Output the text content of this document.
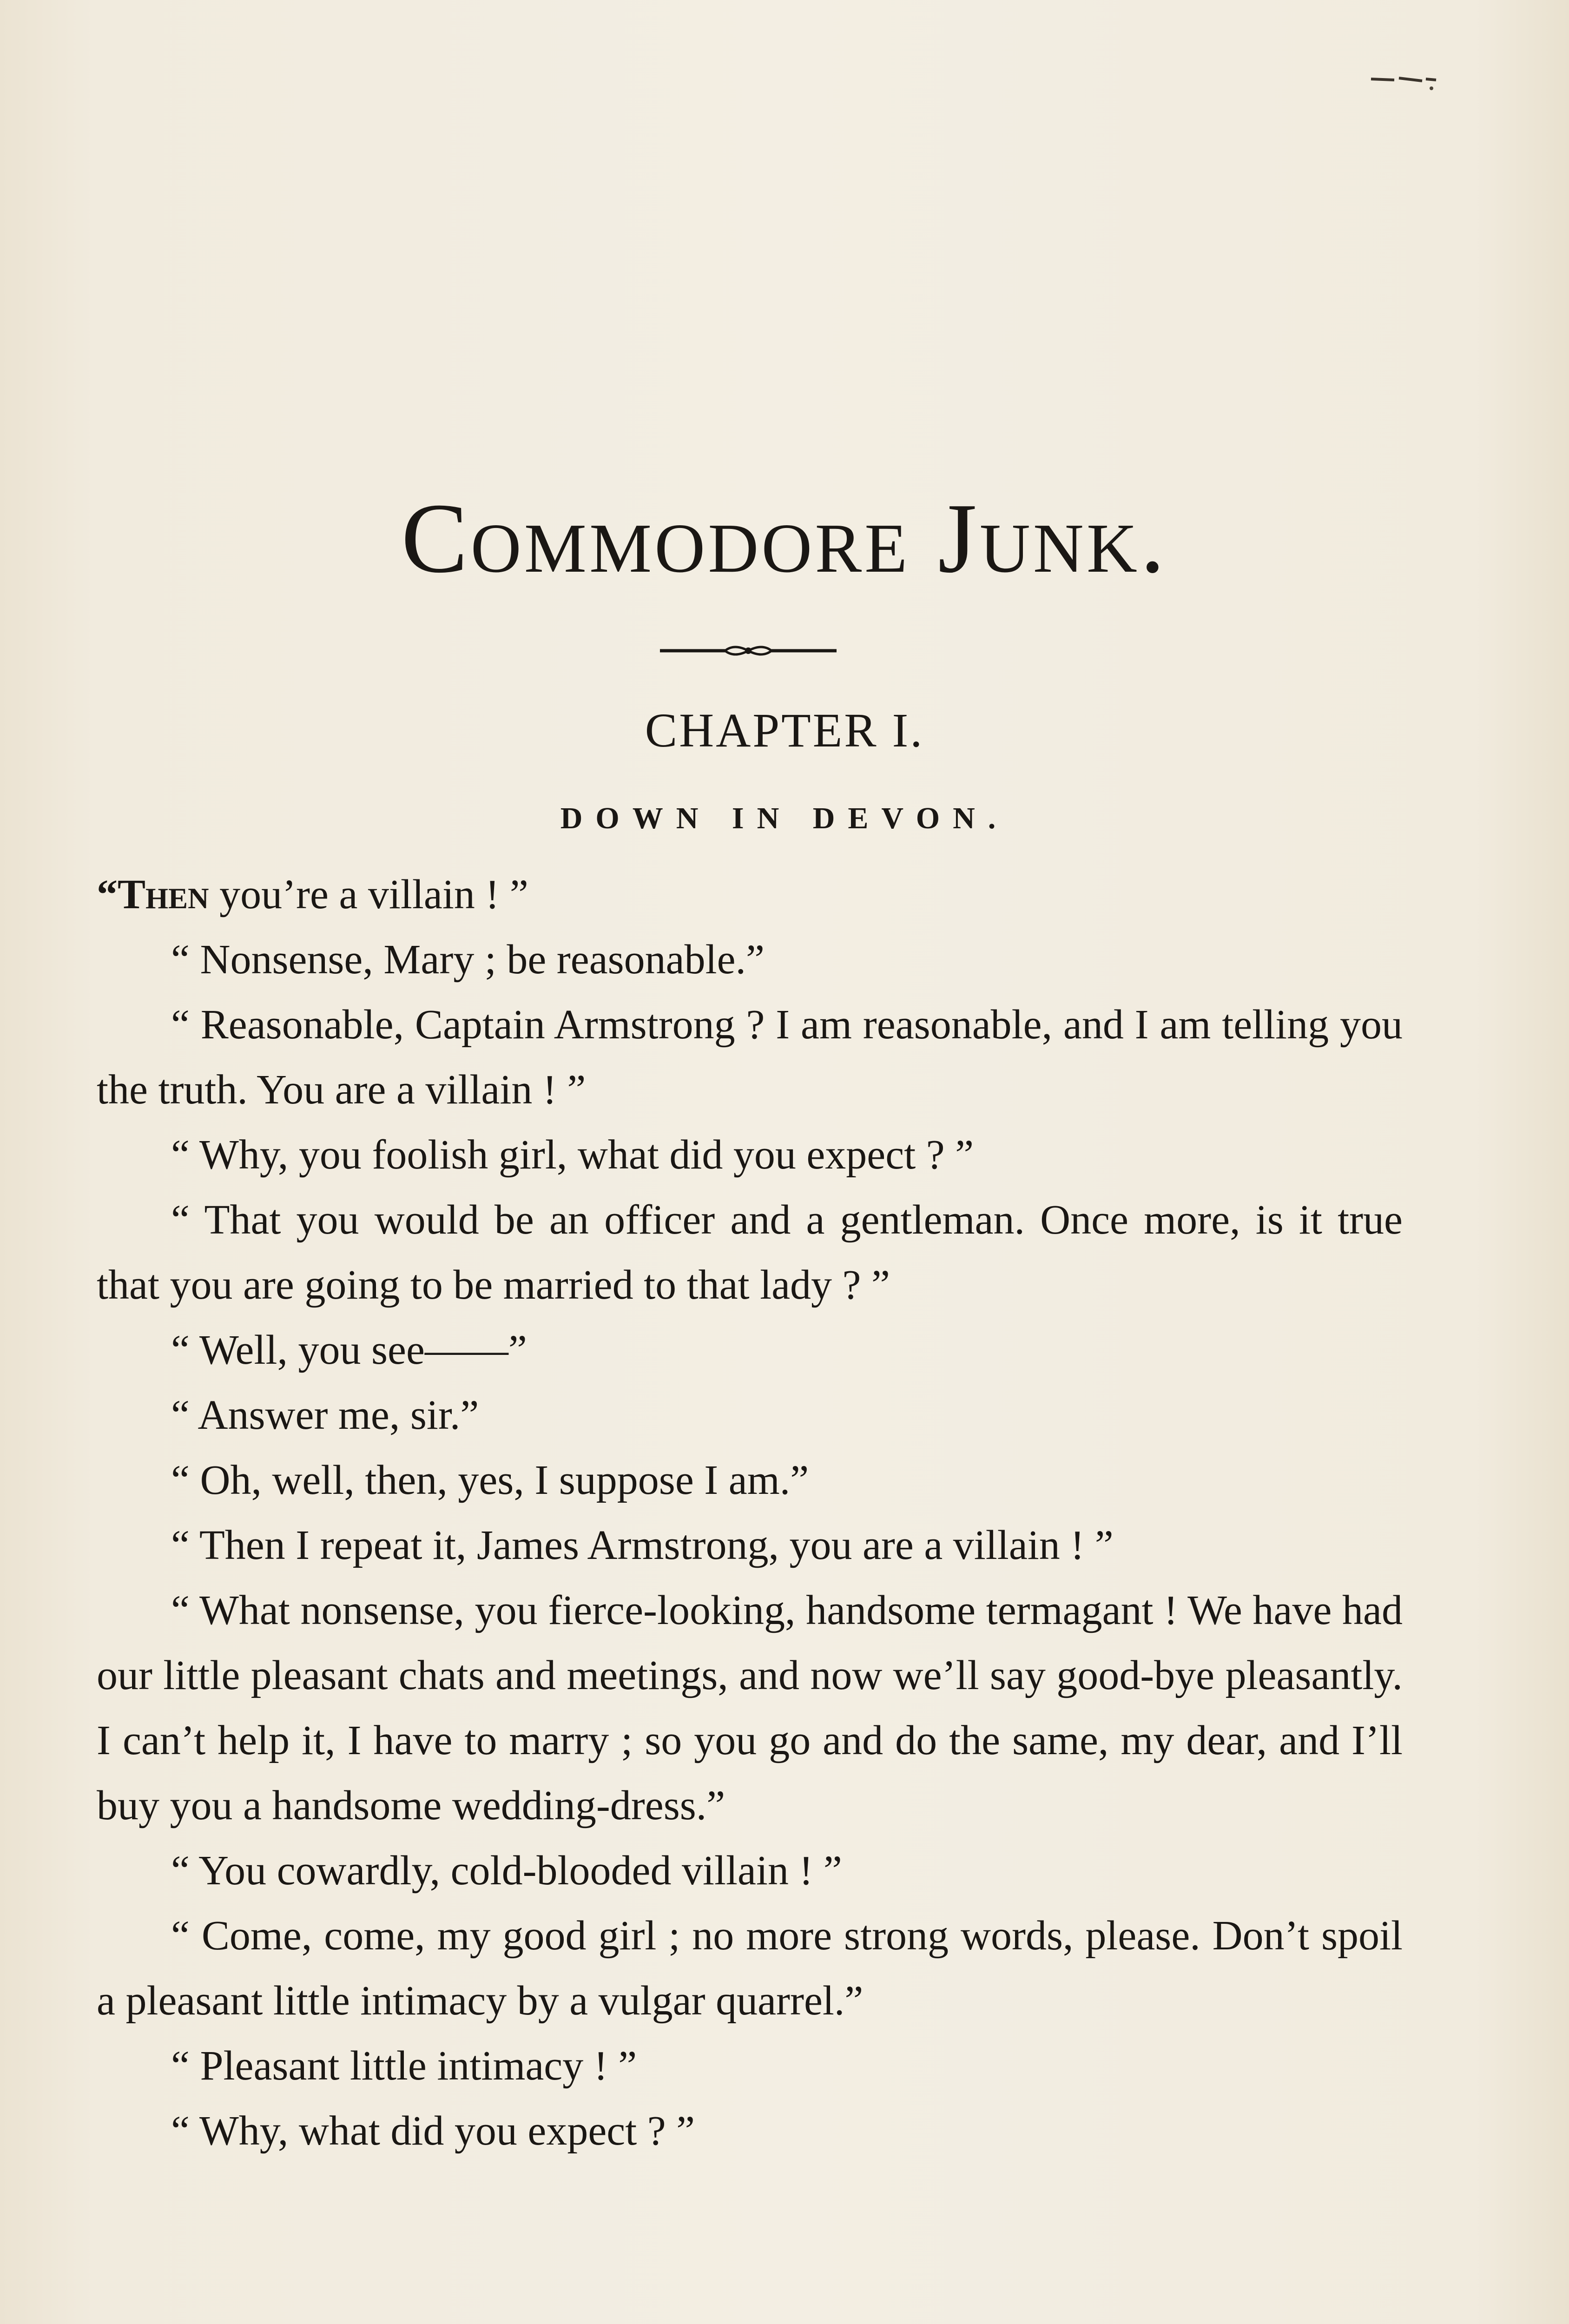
Commodore Junk.
CHAPTER I.
DOWN IN DEVON.

“Then you’re a villain ! ”

“ Nonsense, Mary ; be reasonable.”

“ Reasonable, Captain Armstrong ? I am reasonable, and I am telling you the truth. You are a villain ! ”

“ Why, you foolish girl, what did you expect ? ”

“ That you would be an officer and a gentleman. Once more, is it true that you are going to be married to that lady ? ”

“ Well, you see——”

“ Answer me, sir.”

“ Oh, well, then, yes, I suppose I am.”

“ Then I repeat it, James Armstrong, you are a villain ! ”

“ What nonsense, you fierce-looking, handsome termagant ! We have had our little pleasant chats and meetings, and now we’ll say good-bye pleasantly. I can’t help it, I have to marry ; so you go and do the same, my dear, and I’ll buy you a handsome wedding-dress.”

“ You cowardly, cold-blooded villain ! ”

“ Come, come, my good girl ; no more strong words, please. Don’t spoil a pleasant little intimacy by a vulgar quarrel.”

“ Pleasant little intimacy ! ”

“ Why, what did you expect ? ”
